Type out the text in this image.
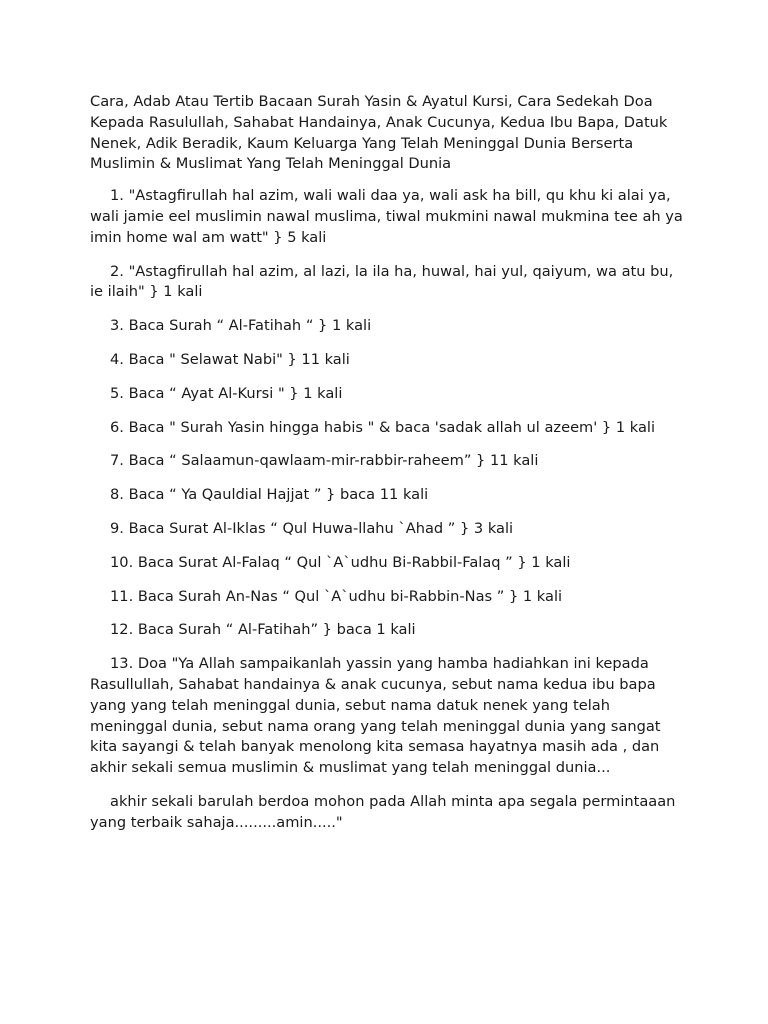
Cara, Adab Atau Tertib Bacaan Surah Yasin & Ayatul Kursi, Cara Sedekah Doa Kepada Rasulullah, Sahabat Handainya, Anak Cucunya, Kedua Ibu Bapa, Datuk Nenek, Adik Beradik, Kaum Keluarga Yang Telah Meninggal Dunia Berserta Muslimin & Muslimat Yang Telah Meninggal Dunia

1. "Astagfirullah hal azim, wali wali daa ya, wali ask ha bill, qu khu ki alai ya, wali jamie eel muslimin nawal muslima, tiwal mukmini nawal mukmina tee ah ya imin home wal am watt" } 5 kali

2. "Astagfirullah hal azim, al lazi, la ila ha, huwal, hai yul, qaiyum, wa atu bu, ie ilaih" } 1 kali

3. Baca Surah “ Al-Fatihah “ } 1 kali

4. Baca " Selawat Nabi" } 11 kali

5. Baca “ Ayat Al-Kursi " } 1 kali

6. Baca " Surah Yasin hingga habis " & baca 'sadak allah ul azeem' } 1 kali

7. Baca “ Salaamun-qawlaam-mir-rabbir-raheem” } 11 kali

8. Baca “ Ya Qauldial Hajjat ” } baca 11 kali

9. Baca Surat Al-Iklas “ Qul Huwa-llahu `Ahad ” } 3 kali

10. Baca Surat Al-Falaq “ Qul `A`udhu Bi-Rabbil-Falaq ” } 1 kali

11. Baca Surah An-Nas “ Qul `A`udhu bi-Rabbin-Nas ” } 1 kali

12. Baca Surah “ Al-Fatihah” } baca 1 kali

13. Doa "Ya Allah sampaikanlah yassin yang hamba hadiahkan ini kepada Rasullullah, Sahabat handainya & anak cucunya, sebut nama kedua ibu bapa yang yang telah meninggal dunia, sebut nama datuk nenek yang telah meninggal dunia, sebut nama orang yang telah meninggal dunia yang sangat kita sayangi & telah banyak menolong kita semasa hayatnya masih ada , dan akhir sekali semua muslimin & muslimat yang telah meninggal dunia...

akhir sekali barulah berdoa mohon pada Allah minta apa segala permintaaan yang terbaik sahaja.........amin....."
